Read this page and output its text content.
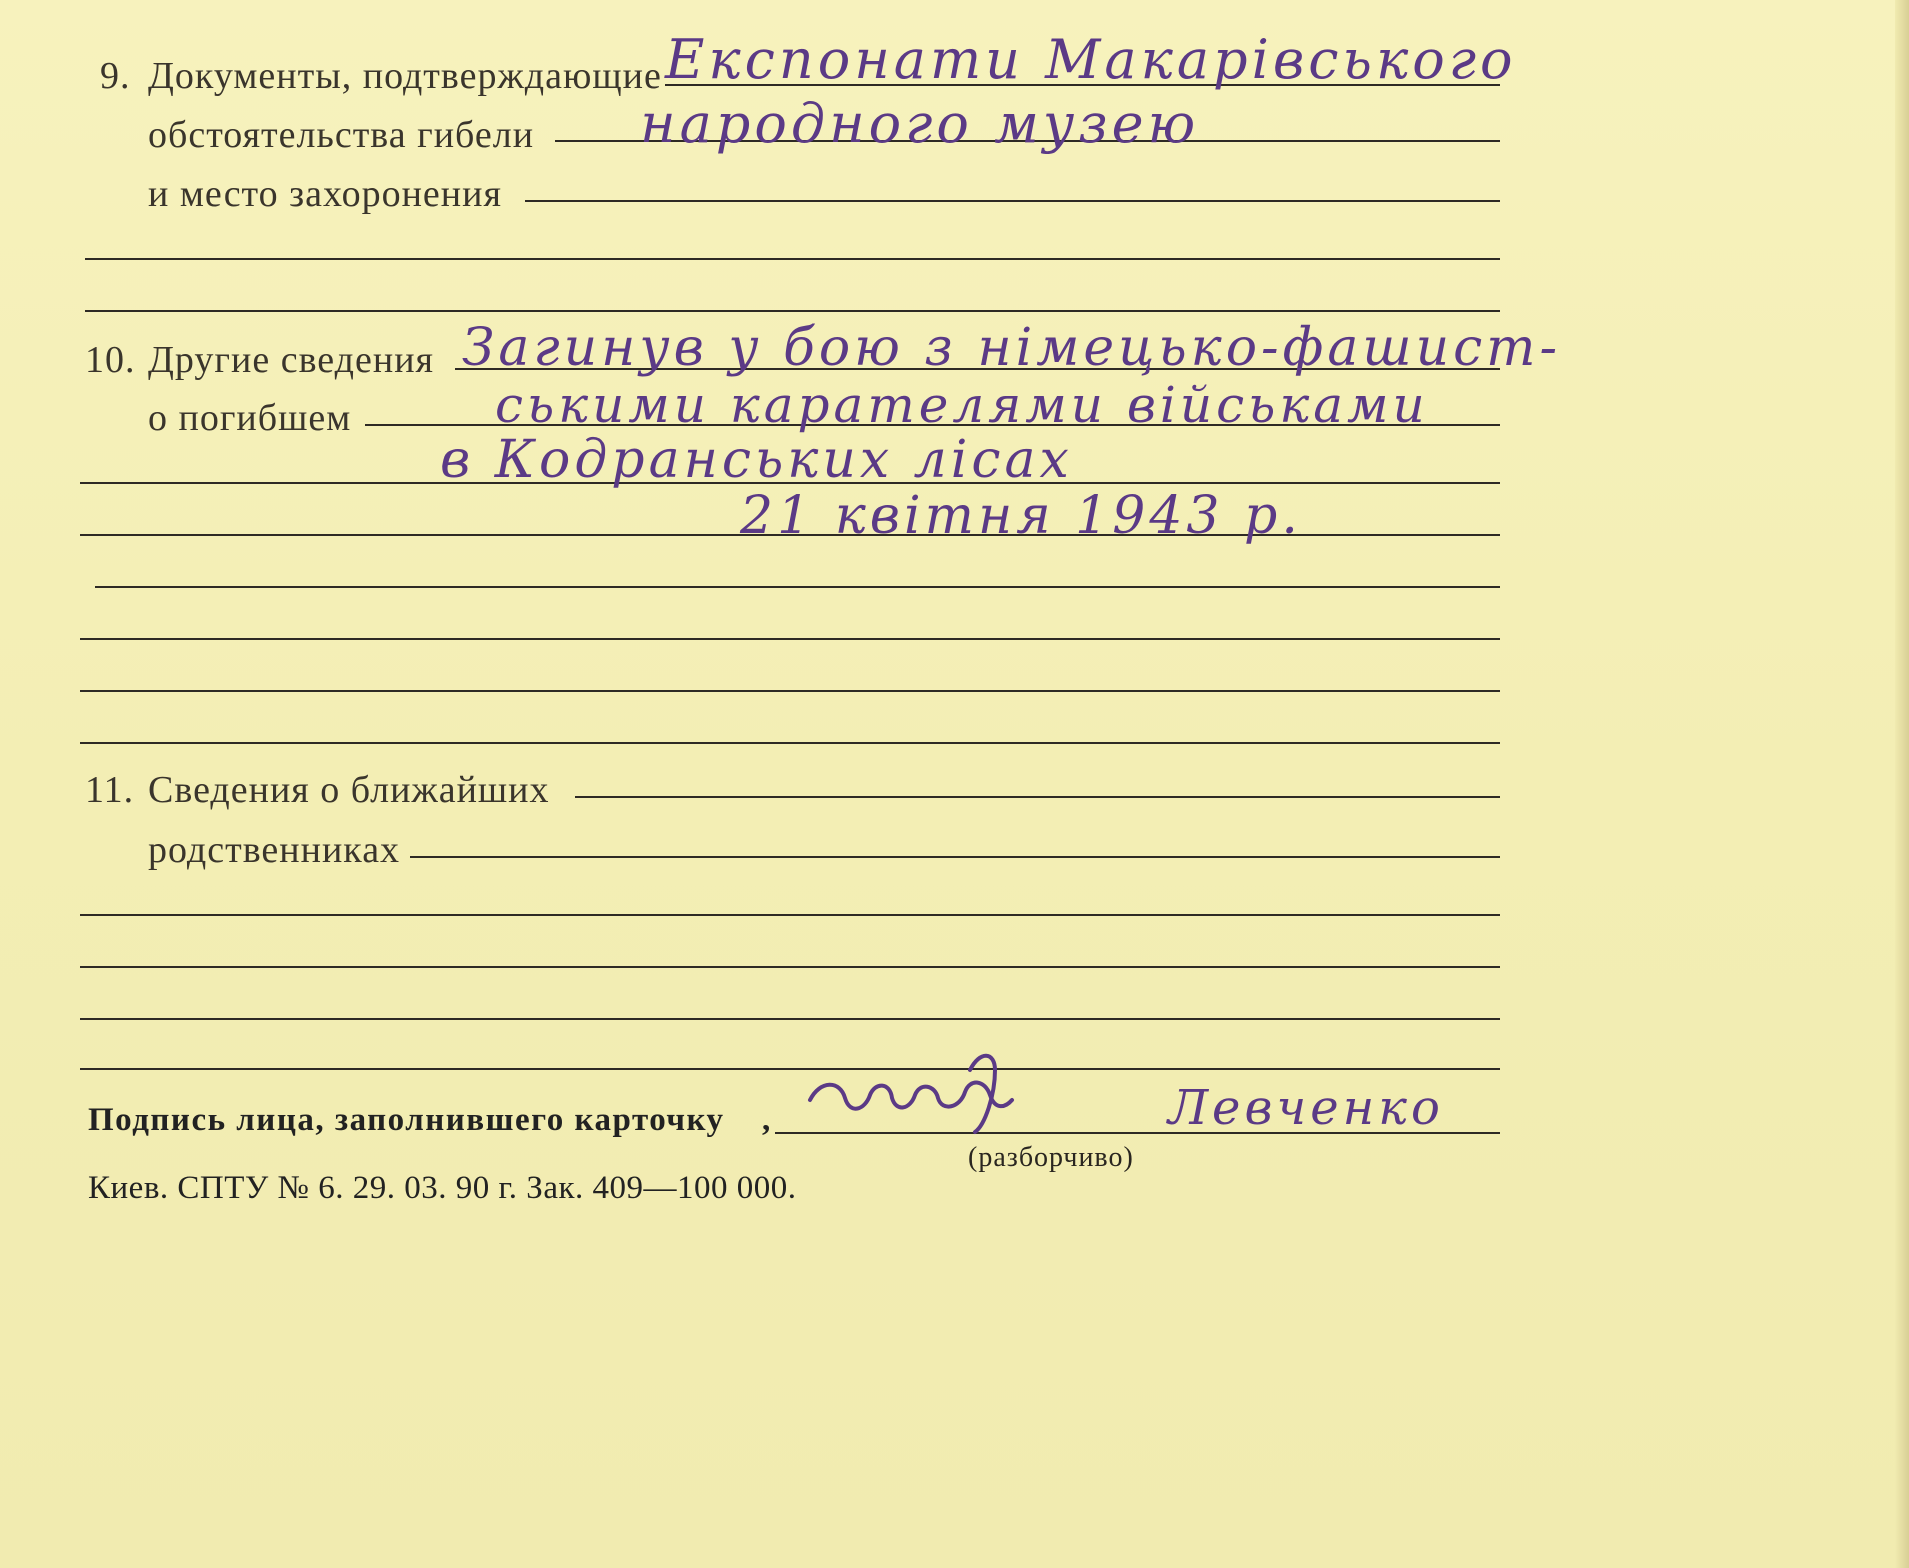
9. Документы, подтверждающие
обстоятельства гибели
и место захоронения
Експонати Макарівського
народного музею
10. Другие сведения
о погибшем
Загинув у бою з німецько-фашист-
ськими карателями військами
в Кодранських лісах
21 квітня 1943 р.
11. Сведения о ближайших
родственниках
Подпись лица, заполнившего карточку ,	Левченко
(разборчиво)
Киев. СПТУ № 6. 29. 03. 90 г. Зак. 409—100 000.
